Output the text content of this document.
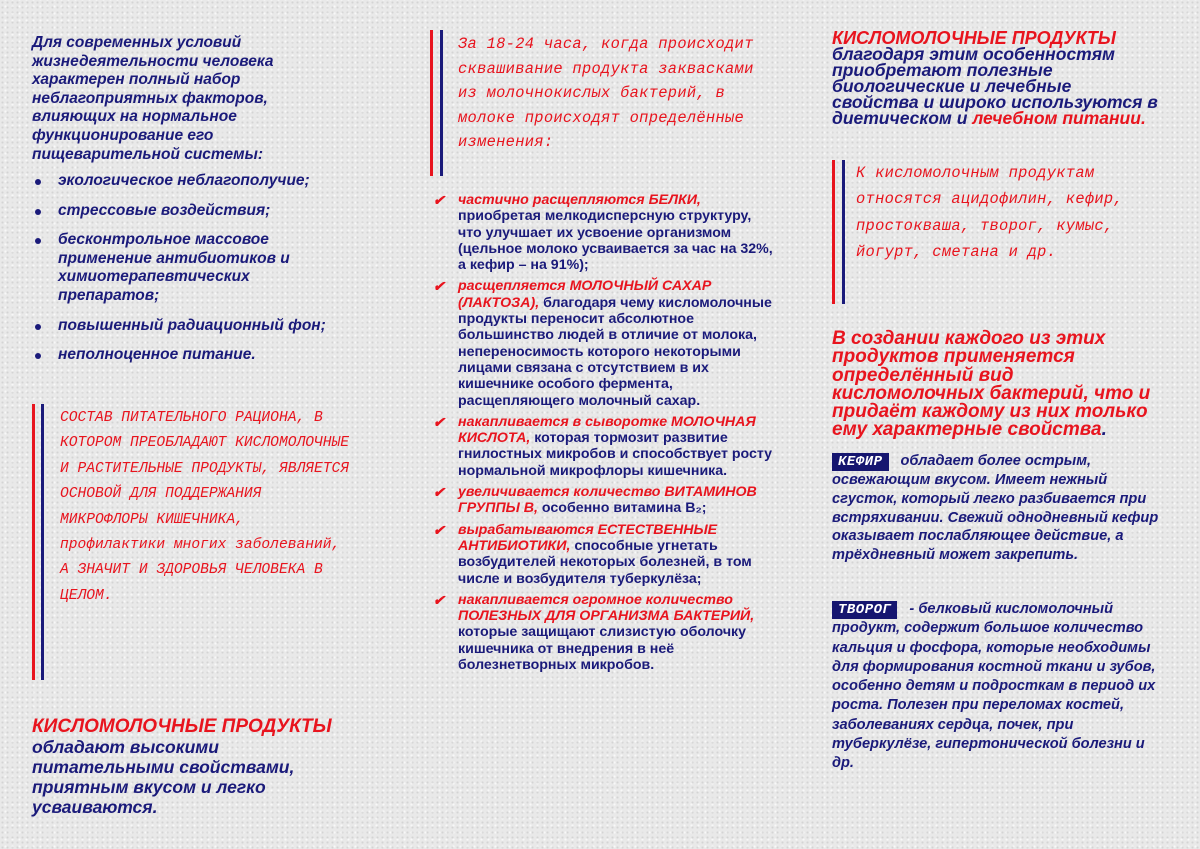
Для современных условий жизнедеятельности человека характерен полный набор неблагоприятных факторов, влияющих на нормальное функционирование его пищеварительной системы:
экологическое неблагополучие;
стрессовые воздействия;
бесконтрольное массовое применение антибиотиков и химиотерапевтических препаратов;
повышенный радиационный фон;
неполноценное питание.
СОСТАВ ПИТАТЕЛЬНОГО РАЦИОНА, В КОТОРОМ ПРЕОБЛАДАЮТ КИСЛОМОЛОЧНЫЕ И РАСТИТЕЛЬНЫЕ ПРОДУКТЫ, ЯВЛЯЕТСЯ ОСНОВОЙ ДЛЯ ПОДДЕРЖАНИЯ МИКРОФЛОРЫ КИШЕЧНИКА, профилактики многих заболеваний, А ЗНАЧИТ И ЗДОРОВЬЯ ЧЕЛОВЕКА В ЦЕЛОМ.
КИСЛОМОЛОЧНЫЕ ПРОДУКТЫ
обладают высокими питательными свойствами, приятным вкусом и легко усваиваются.
За 18-24 часа, когда происходит сквашивание продукта заквасками из молочнокислых бактерий, в молоке происходят определённые изменения:
✔ частично расщепляются БЕЛКИ, приобретая мелкодисперсную структуру, что улучшает их усвоение организмом (цельное молоко усваивается за час на 32%, а кефир – на 91%);
✔ расщепляется МОЛОЧНЫЙ САХАР (ЛАКТОЗА), благодаря чему кисломолочные продукты переносит абсолютное большинство людей в отличие от молока, непереносимость которого некоторыми лицами связана с отсутствием в их кишечнике особого фермента, расщепляющего молочный сахар.
✔ накапливается в сыворотке МОЛОЧНАЯ КИСЛОТА, которая тормозит развитие гнилостных микробов и способствует росту нормальной микрофлоры кишечника.
✔ увеличивается количество ВИТАМИНОВ ГРУППЫ В, особенно витамина В₂;
✔ вырабатываются ЕСТЕСТВЕННЫЕ АНТИБИОТИКИ, способные угнетать возбудителей некоторых болезней, в том числе и возбудителя туберкулёза;
✔ накапливается огромное количество ПОЛЕЗНЫХ ДЛЯ ОРГАНИЗМА БАКТЕРИЙ, которые защищают слизистую оболочку кишечника от внедрения в неё болезнетворных микробов.
КИСЛОМОЛОЧНЫЕ ПРОДУКТЫ
благодаря этим особенностям приобретают полезные биологические и лечебные свойства и широко используются в диетическом и лечебном питании.
К кисломолочным продуктам относятся ацидофилин, кефир, простокваша, творог, кумыс, йогурт, сметана и др.
В создании каждого из этих продуктов применяется определённый вид кисломолочных бактерий, что и придаёт каждому из них только ему характерные свойства.
КЕФИР обладает более острым, освежающим вкусом. Имеет нежный сгусток, который легко разбивается при встряхивании. Свежий однодневный кефир оказывает послабляющее действие, а трёхдневный может закрепить.
ТВОРОГ - белковый кисломолочный продукт, содержит большое количество кальция и фосфора, которые необходимы для формирования костной ткани и зубов, особенно детям и подросткам в период их роста. Полезен при переломах костей, заболеваниях сердца, почек, при туберкулёзе, гипертонической болезни и др.
